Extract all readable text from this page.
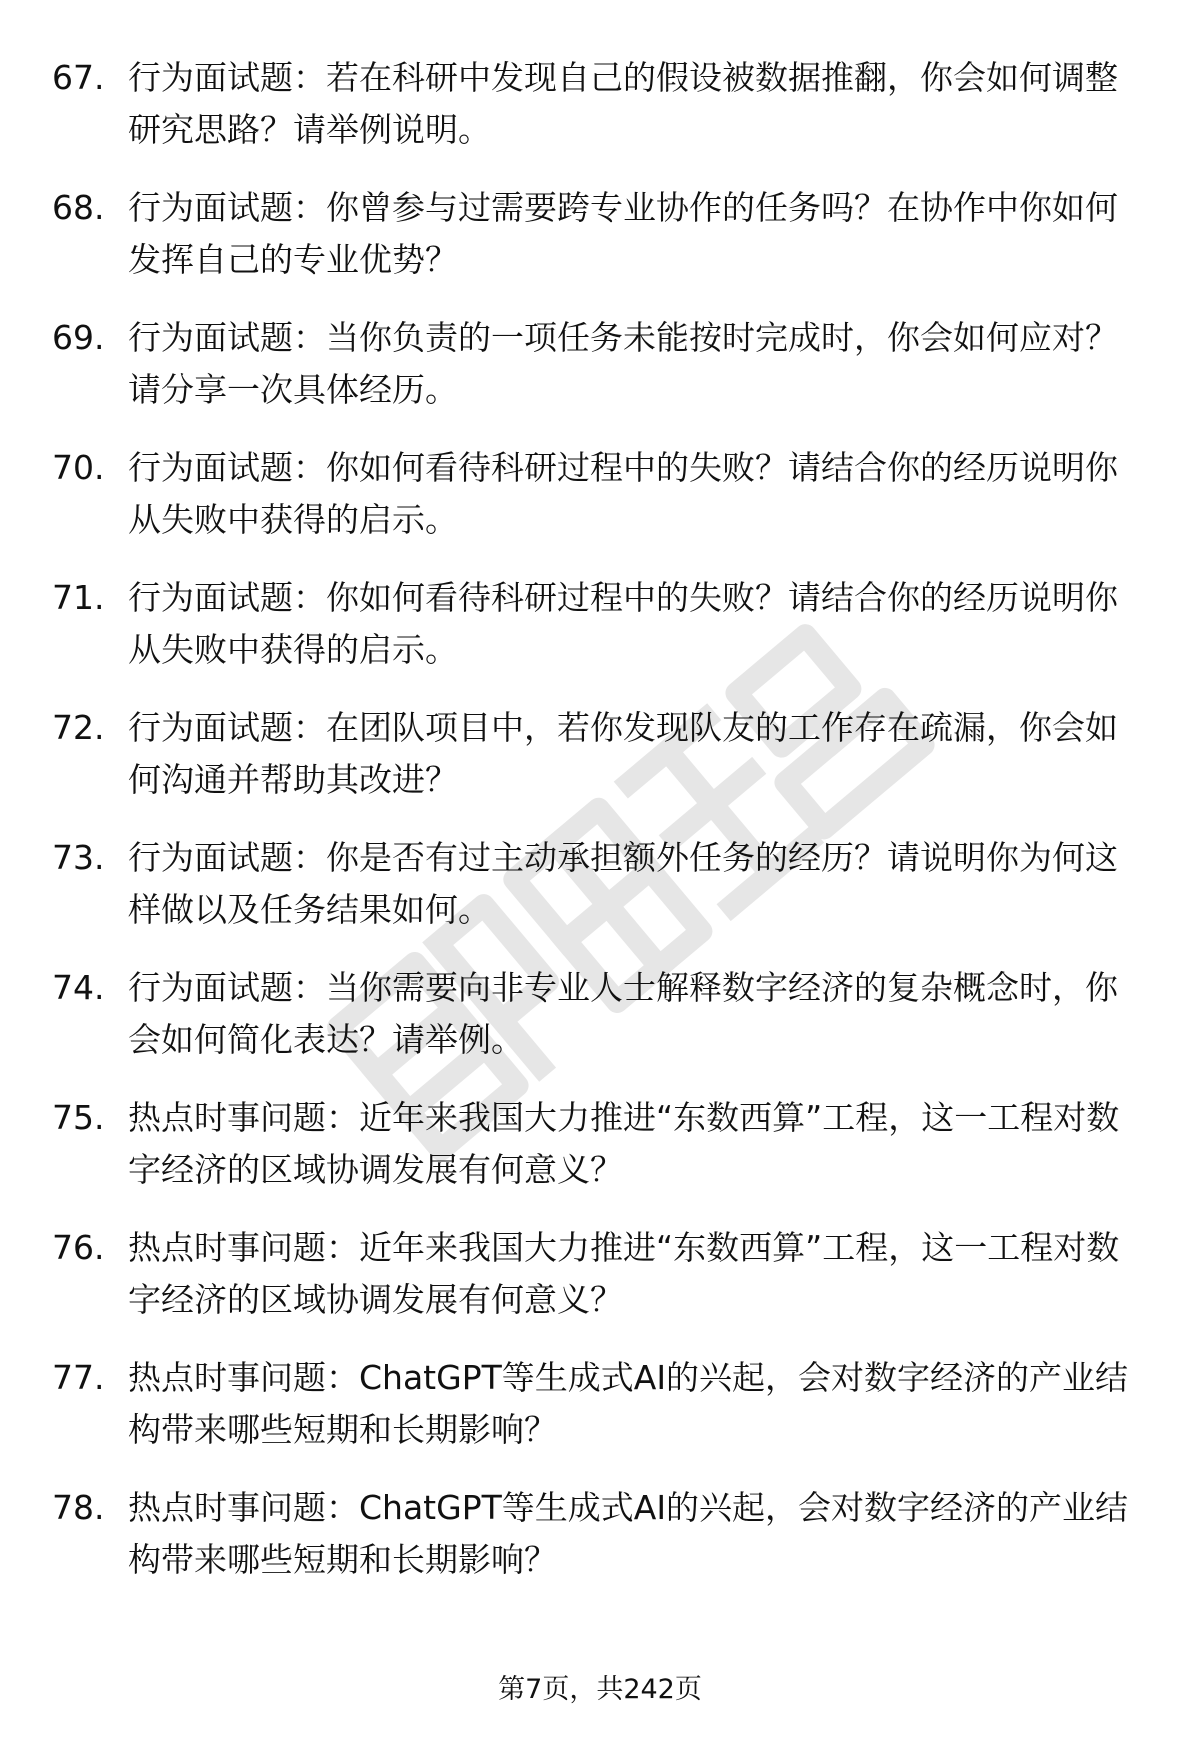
67. 行为面试题：若在科研中发现自己的假设被数据推翻，你会如何调整研究思路？请举例说明。
68. 行为面试题：你曾参与过需要跨专业协作的任务吗？在协作中你如何发挥自己的专业优势？
69. 行为面试题：当你负责的一项任务未能按时完成时，你会如何应对？请分享一次具体经历。
70. 行为面试题：你如何看待科研过程中的失败？请结合你的经历说明你从失败中获得的启示。
71. 行为面试题：你如何看待科研过程中的失败？请结合你的经历说明你从失败中获得的启示。
72. 行为面试题：在团队项目中，若你发现队友的工作存在疏漏，你会如何沟通并帮助其改进？
73. 行为面试题：你是否有过主动承担额外任务的经历？请说明你为何这样做以及任务结果如何。
74. 行为面试题：当你需要向非专业人士解释数字经济的复杂概念时，你会如何简化表达？请举例。
75. 热点时事问题：近年来我国大力推进“东数西算”工程，这一工程对数字经济的区域协调发展有何意义？
76. 热点时事问题：近年来我国大力推进“东数西算”工程，这一工程对数字经济的区域协调发展有何意义？
77. 热点时事问题：ChatGPT等生成式AI的兴起，会对数字经济的产业结构带来哪些短期和长期影响？
78. 热点时事问题：ChatGPT等生成式AI的兴起，会对数字经济的产业结构带来哪些短期和长期影响？
第7页，共242页
